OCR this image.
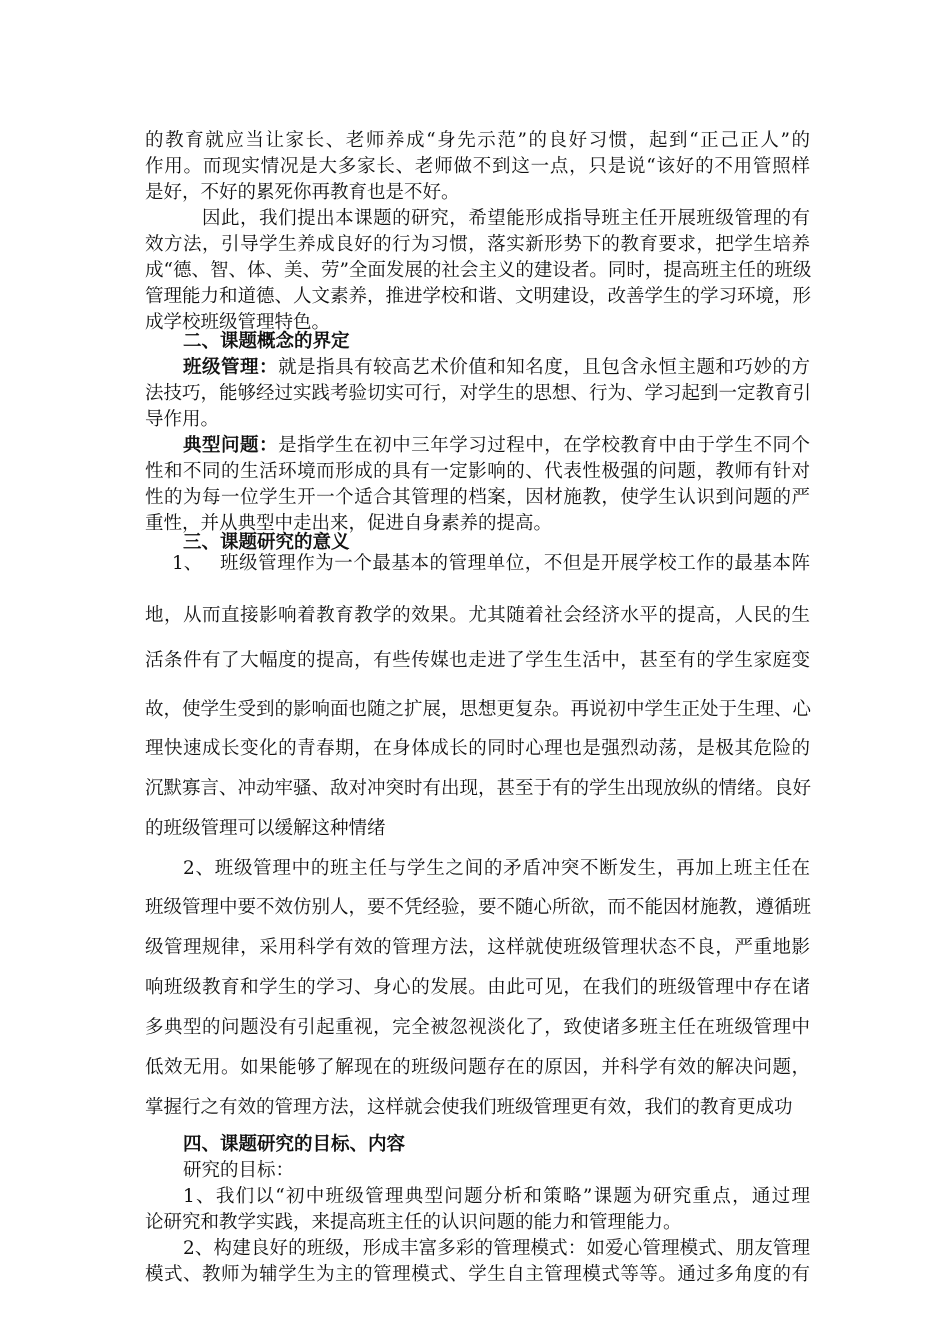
的教育就应当让家长、老师养成“身先示范”的良好习惯，起到“正己正人”的
作用。而现实情况是大多家长、老师做不到这一点，只是说“该好的不用管照样
是好，不好的累死你再教育也是不好。
因此，我们提出本课题的研究，希望能形成指导班主任开展班级管理的有
效方法，引导学生养成良好的行为习惯，落实新形势下的教育要求，把学生培养
成“德、智、体、美、劳”全面发展的社会主义的建设者。同时，提高班主任的班级
管理能力和道德、人文素养，推进学校和谐、文明建设，改善学生的学习环境，形
成学校班级管理特色。
二、课题概念的界定
班级管理：就是指具有较高艺术价值和知名度，且包含永恒主题和巧妙的方
法技巧，能够经过实践考验切实可行，对学生的思想、行为、学习起到一定教育引
导作用。
典型问题：是指学生在初中三年学习过程中，在学校教育中由于学生不同个
性和不同的生活环境而形成的具有一定影响的、代表性极强的问题，教师有针对
性的为每一位学生开一个适合其管理的档案，因材施教，使学生认识到问题的严
重性，并从典型中走出来，促进自身素养的提高。
三、课题研究的意义
1、 班级管理作为一个最基本的管理单位，不但是开展学校工作的最基本阵
地，从而直接影响着教育教学的效果。尤其随着社会经济水平的提高，人民的生
活条件有了大幅度的提高，有些传媒也走进了学生生活中，甚至有的学生家庭变
故，使学生受到的影响面也随之扩展，思想更复杂。再说初中学生正处于生理、心
理快速成长变化的青春期，在身体成长的同时心理也是强烈动荡，是极其危险的
沉默寡言、冲动牢骚、敌对冲突时有出现，甚至于有的学生出现放纵的情绪。良好
的班级管理可以缓解这种情绪
2、班级管理中的班主任与学生之间的矛盾冲突不断发生，再加上班主任在
班级管理中要不效仿别人，要不凭经验，要不随心所欲，而不能因材施教，遵循班
级管理规律，采用科学有效的管理方法，这样就使班级管理状态不良，严重地影
响班级教育和学生的学习、身心的发展。由此可见，在我们的班级管理中存在诸
多典型的问题没有引起重视，完全被忽视淡化了，致使诸多班主任在班级管理中
低效无用。如果能够了解现在的班级问题存在的原因，并科学有效的解决问题，
掌握行之有效的管理方法，这样就会使我们班级管理更有效，我们的教育更成功
四、课题研究的目标、内容
研究的目标：
1、我们以“初中班级管理典型问题分析和策略”课题为研究重点，通过理
论研究和教学实践，来提高班主任的认识问题的能力和管理能力。
2、构建良好的班级，形成丰富多彩的管理模式：如爱心管理模式、朋友管理
模式、教师为辅学生为主的管理模式、学生自主管理模式等等。通过多角度的有
